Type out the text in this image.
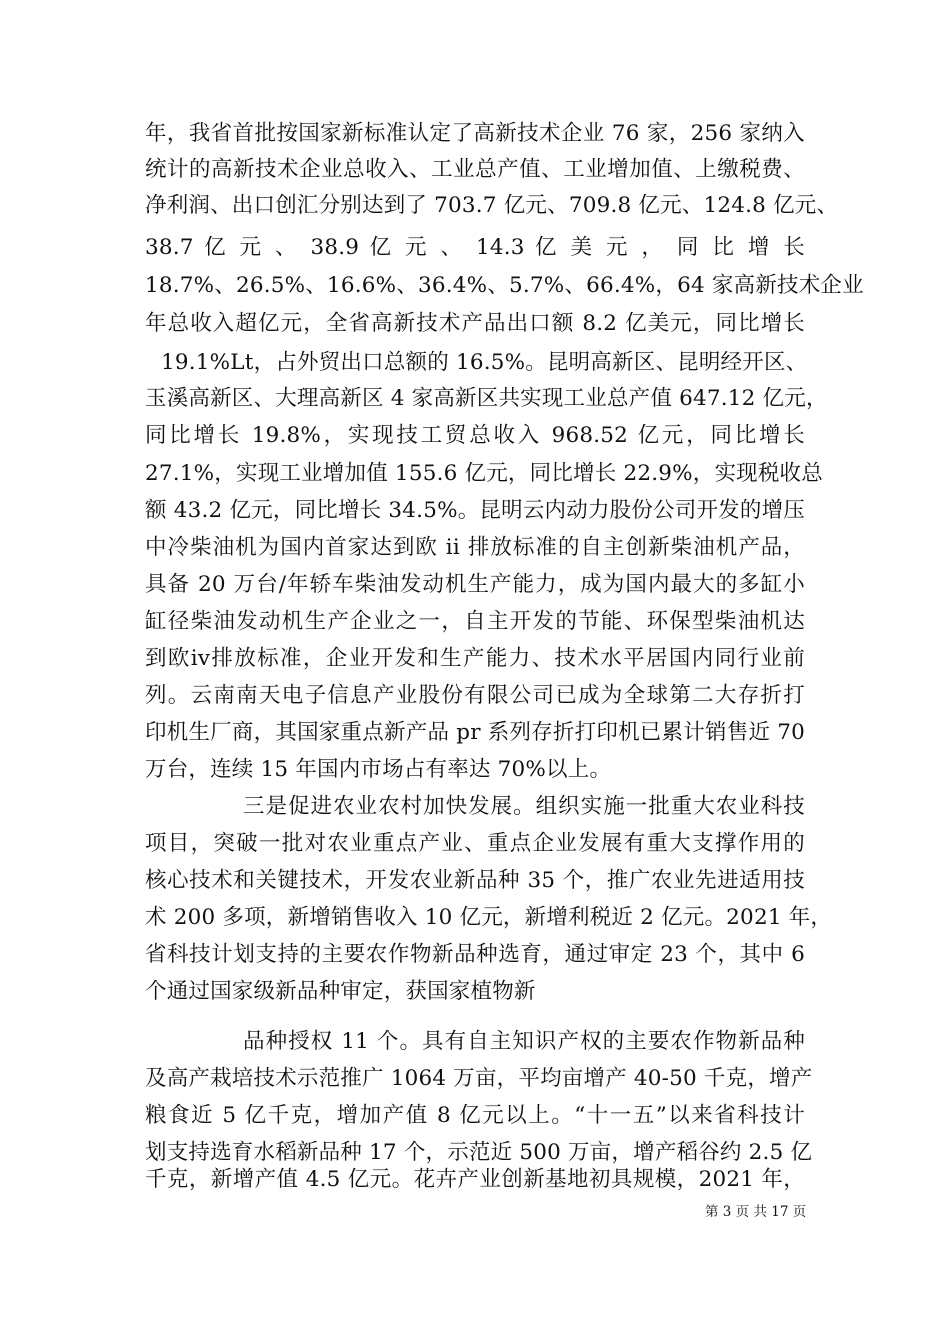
年，我省首批按国家新标准认定了高新技术企业 76 家，256 家纳入
统计的高新技术企业总收入、工业总产值、工业增加值、上缴税费、
净利润、出口创汇分别达到了 703.7 亿元、709.8 亿元、124.8 亿元、
38.7 亿 元 、 38.9 亿 元 、 14.3 亿 美 元 ， 同 比 增 长
18.7%、26.5%、16.6%、36.4%、5.7%、66.4%，64 家高新技术企业
年总收入超亿元，全省高新技术产品出口额 8.2 亿美元，同比增长
19.1%Lt，占外贸出口总额的 16.5%。昆明高新区、昆明经开区、
玉溪高新区、大理高新区 4 家高新区共实现工业总产值 647.12 亿元，
同比增长 19.8%，实现技工贸总收入 968.52 亿元，同比增长
27.1%，实现工业增加值 155.6 亿元，同比增长 22.9%，实现税收总
额 43.2 亿元，同比增长 34.5%。昆明云内动力股份公司开发的增压
中冷柴油机为国内首家达到欧 ii 排放标准的自主创新柴油机产品，
具备 20 万台/年轿车柴油发动机生产能力，成为国内最大的多缸小
缸径柴油发动机生产企业之一，自主开发的节能、环保型柴油机达
到欧iv排放标准，企业开发和生产能力、技术水平居国内同行业前
列。云南南天电子信息产业股份有限公司已成为全球第二大存折打
印机生厂商，其国家重点新产品 pr 系列存折打印机已累计销售近 70
万台，连续 15 年国内市场占有率达 70%以上。
三是促进农业农村加快发展。组织实施一批重大农业科技
项目，突破一批对农业重点产业、重点企业发展有重大支撑作用的
核心技术和关键技术，开发农业新品种 35 个，推广农业先进适用技
术 200 多项，新增销售收入 10 亿元，新增利税近 2 亿元。2021 年，
省科技计划支持的主要农作物新品种选育，通过审定 23 个，其中 6
个通过国家级新品种审定，获国家植物新
品种授权 11 个。具有自主知识产权的主要农作物新品种
及高产栽培技术示范推广 1064 万亩，平均亩增产 40-50 千克，增产
粮食近 5 亿千克，增加产值 8 亿元以上。“十一五”以来省科技计
划支持选育水稻新品种 17 个，示范近 500 万亩，增产稻谷约 2.5 亿
千克，新增产值 4.5 亿元。花卉产业创新基地初具规模，2021 年，
第 3 页 共 17 页
